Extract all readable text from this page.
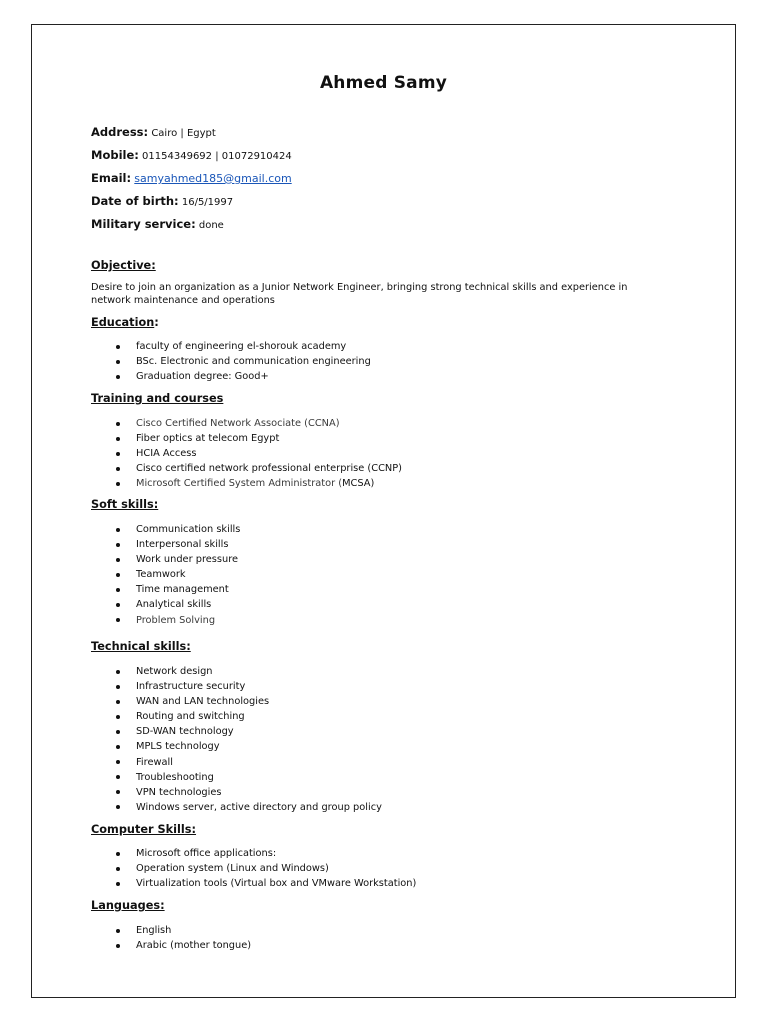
Ahmed Samy
Address: Cairo | Egypt
Mobile: 01154349692 | 01072910424
Email: samyahmed185@gmail.com
Date of birth: 16/5/1997
Military service: done
Objective:
Desire to join an organization as a Junior Network Engineer, bringing strong technical skills and experience in network maintenance and operations
Education:
faculty of engineering el-shorouk academy
BSc. Electronic and communication engineering
Graduation degree: Good+
Training and courses
Cisco Certified Network Associate (CCNA)
Fiber optics at telecom Egypt
HCIA Access
Cisco certified network professional enterprise (CCNP)
Microsoft Certified System Administrator (MCSA)
Soft skills:
Communication skills
Interpersonal skills
Work under pressure
Teamwork
Time management
Analytical skills
Problem Solving
Technical skills:
Network design
Infrastructure security
WAN and LAN technologies
Routing and switching
SD-WAN technology
MPLS technology
Firewall
Troubleshooting
VPN technologies
Windows server, active directory and group policy
Computer Skills:
Microsoft office applications:
Operation system (Linux and Windows)
Virtualization tools (Virtual box and VMware Workstation)
Languages:
English
Arabic (mother tongue)
